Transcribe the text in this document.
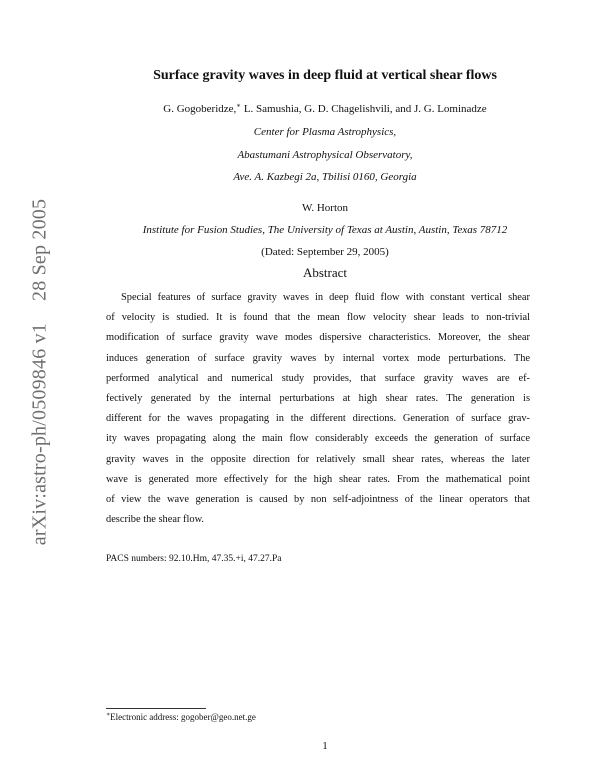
arXiv:astro-ph/0509846 v128 Sep 2005
Surface gravity waves in deep fluid at vertical shear flows
G. Gogoberidze,∗ L. Samushia, G. D. Chagelishvili, and J. G. Lominadze
Center for Plasma Astrophysics,
Abastumani Astrophysical Observatory,
Ave. A. Kazbegi 2a, Tbilisi 0160, Georgia
W. Horton
Institute for Fusion Studies, The University of Texas at Austin, Austin, Texas 78712
(Dated: September 29, 2005)
Abstract
Special features of surface gravity waves in deep fluid flow with constant vertical shear
of velocity is studied. It is found that the mean flow velocity shear leads to non-trivial
modification of surface gravity wave modes dispersive characteristics. Moreover, the shear
induces generation of surface gravity waves by internal vortex mode perturbations. The
performed analytical and numerical study provides, that surface gravity waves are ef-
fectively generated by the internal perturbations at high shear rates. The generation is
different for the waves propagating in the different directions. Generation of surface grav-
ity waves propagating along the main flow considerably exceeds the generation of surface
gravity waves in the opposite direction for relatively small shear rates, whereas the later
wave is generated more effectively for the high shear rates. From the mathematical point
of view the wave generation is caused by non self-adjointness of the linear operators that
describe the shear flow.
PACS numbers: 92.10.Hm, 47.35.+i, 47.27.Pa
∗Electronic address: gogober@geo.net.ge
1
